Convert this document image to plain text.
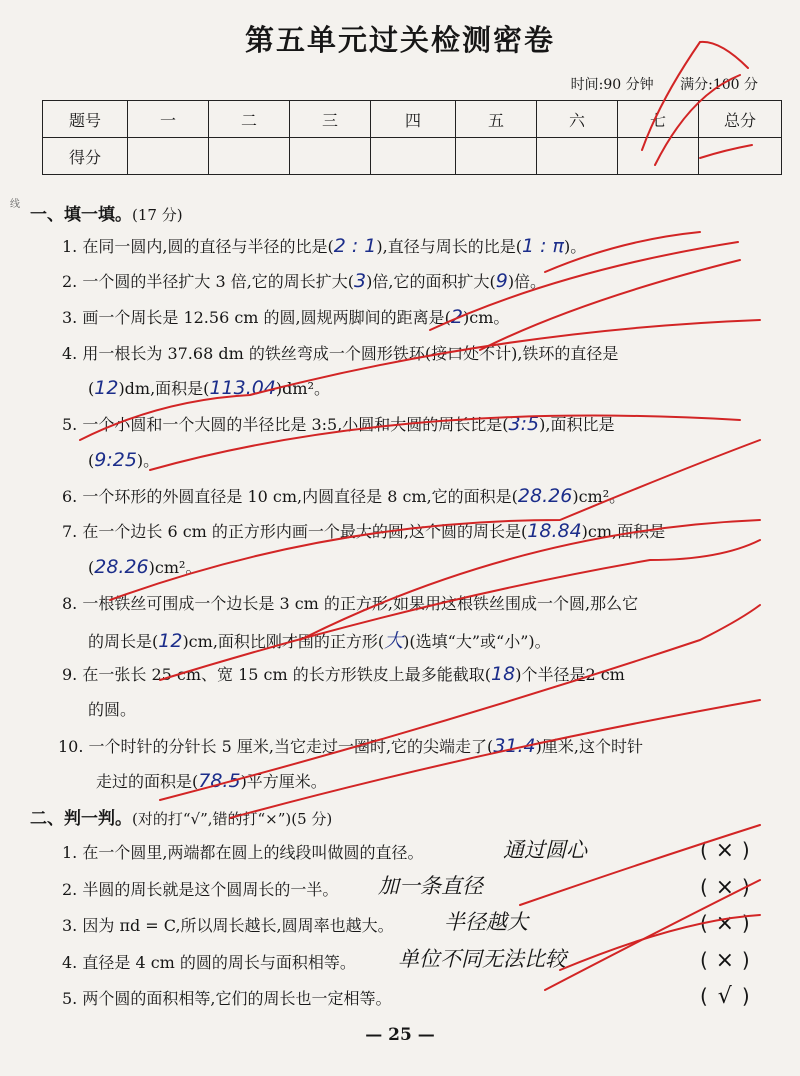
线
第五单元过关检测密卷
时间:90 分钟 满分:100 分
题号	一	二	三	四	五	六	七	总分
得分								
一、填一填。(17 分)
1. 在同一圆内,圆的直径与半径的比是(2 : 1),直径与周长的比是(1 : π)。
2. 一个圆的半径扩大 3 倍,它的周长扩大(3)倍,它的面积扩大(9)倍。
3. 画一个周长是 12.56 cm 的圆,圆规两脚间的距离是(2)cm。
4. 用一根长为 37.68 dm 的铁丝弯成一个圆形铁环(接口处不计),铁环的直径是
(12)dm,面积是(113.04)dm²。
5. 一个小圆和一个大圆的半径比是 3:5,小圆和大圆的周长比是(3:5),面积比是
(9:25)。
6. 一个环形的外圆直径是 10 cm,内圆直径是 8 cm,它的面积是(28.26)cm²。
7. 在一个边长 6 cm 的正方形内画一个最大的圆,这个圆的周长是(18.84)cm,面积是
(28.26)cm²。
8. 一根铁丝可围成一个边长是 3 cm 的正方形,如果用这根铁丝围成一个圆,那么它
的周长是(12)cm,面积比刚才围的正方形(大)(选填“大”或“小”)。
9. 在一张长 25 cm、宽 15 cm 的长方形铁皮上最多能截取(18)个半径是2 cm
的圆。
10. 一个时针的分针长 5 厘米,当它走过一圈时,它的尖端走了(31.4)厘米,这个时针
走过的面积是(78.5)平方厘米。
二、判一判。(对的打“√”,错的打“×”)(5 分)
1. 在一个圆里,两端都在圆上的线段叫做圆的直径。	通过圆心	( × )
2. 半圆的周长就是这个圆周长的一半。 加一条直径	( × )
3. 因为 πd = C,所以周长越长,圆周率也越大。 半径越大	( × )
4. 直径是 4 cm 的圆的周长与面积相等。 单位不同无法比较	( × )
5. 两个圆的面积相等,它们的周长也一定相等。	( √ )
— 25 —
